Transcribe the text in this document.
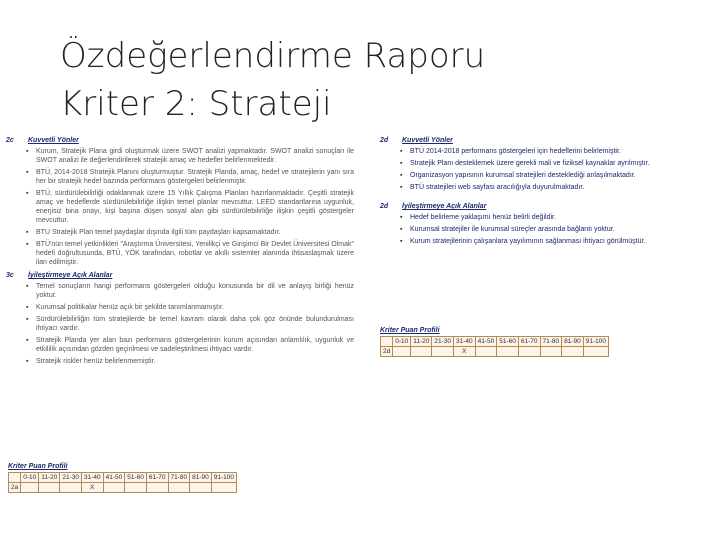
Özdeğerlendirme Raporu
Kriter 2: Strateji
2c	Kuvvetli Yönler
▪ Kurum, Stratejik Plana girdi oluşturmak üzere SWOT analizi yapmaktadır. SWOT analizi sonuçları ile SWOT analizi ile değerlendirilerek stratejik amaç ve hedefler belirlenmektedir.
▪ BTÜ, 2014-2018 Stratejik Planını oluşturmuştur. Stratejik Planda, amaç, hedef ve stratejilerin yanı sıra her bir stratejik hedef bazında performans göstergeleri belirlenmiştir.
▪ BTÜ, sürdürülebilirliği odaklanmak üzere 15 Yıllık Çalışma Planları hazırlanmaktadır. Çeşitli stratejik amaç ve hedeflerde sürdürülebilirliğe ilişkin temel planlar mevcuttur. LEED standartlarına uygunluk, enerjisiz bina onayı, kişi başına düşen sosyal alan gibi sürdürülebilirliğe ilişkin çeşitli göstergeler mevcuttur.
▪ BTU Stratejik Plan temel paydaşlar dışında ilgili tüm paydaşları kapsamaktadır.
▪ BTÜ'nün temel yetkinlikleri "Araştırma Üniversitesi, Yenilikçi ve Girişimci Bir Devlet Üniversitesi Olmak" hedefi doğrultusunda, BTÜ, YÖK tarafından, robotlar ve akıllı sistemler alanında ihtisaslaşmak üzere ilan edilmiştir.
3c	İyileştirmeye Açık Alanlar
▪ Temel sonuçların hangi performans göstergeleri olduğu konusunda bir dil ve anlayış birliği henüz yoktur.
▪ Kurumsal politikalar henüz açık bir şekilde tanımlanmamıştır.
▪ Sürdürülebilirliğin tüm stratejilerde bir temel kavram olarak daha çok göz önünde bulundurulması ihtiyacı vardır.
▪ Stratejik Planda yer alan bazı performans göstergelerinin kurum açısından anlamlılık, uygunluk ve etkililik açısından gözden geçirilmesi ve sadeleştirilmesi ihtiyacı vardır.
▪ Stratejik riskler henüz belirlenmemiştir.
Kriter Puan Profili
	0-10	11-20	21-30	31-40	41-50	51-60	61-70	71-80	81-90	91-100
2a				X						
2d	Kuvvetli Yönler
▪ BTÜ 2014-2018 performans göstergeleri için hedeflerini belirlemiştir.
▪ Stratejik Planı desteklemek üzere gerekli mali ve fiziksel kaynaklar ayrılmıştır.
▪ Organizasyon yapısının kurumsal stratejileri desteklediği anlaşılmaktadır.
▪ BTÜ stratejileri web sayfası aracılığıyla duyurulmaktadır.
2d	İyileştirmeye Açık Alanlar
▪ Hedef belirleme yaklaşımı henüz belirli değildir.
▪ Kurumsal stratejiler ile kurumsal süreçler arasında bağlantı yoktur.
▪ Kurum stratejilerinin çalışanlara yayılımının sağlanması ihtiyacı görülmüştür.
Kriter Puan Profili
	0-10	11-20	21-30	31-40	41-50	51-60	61-70	71-80	81-90	91-100
2d				X						
